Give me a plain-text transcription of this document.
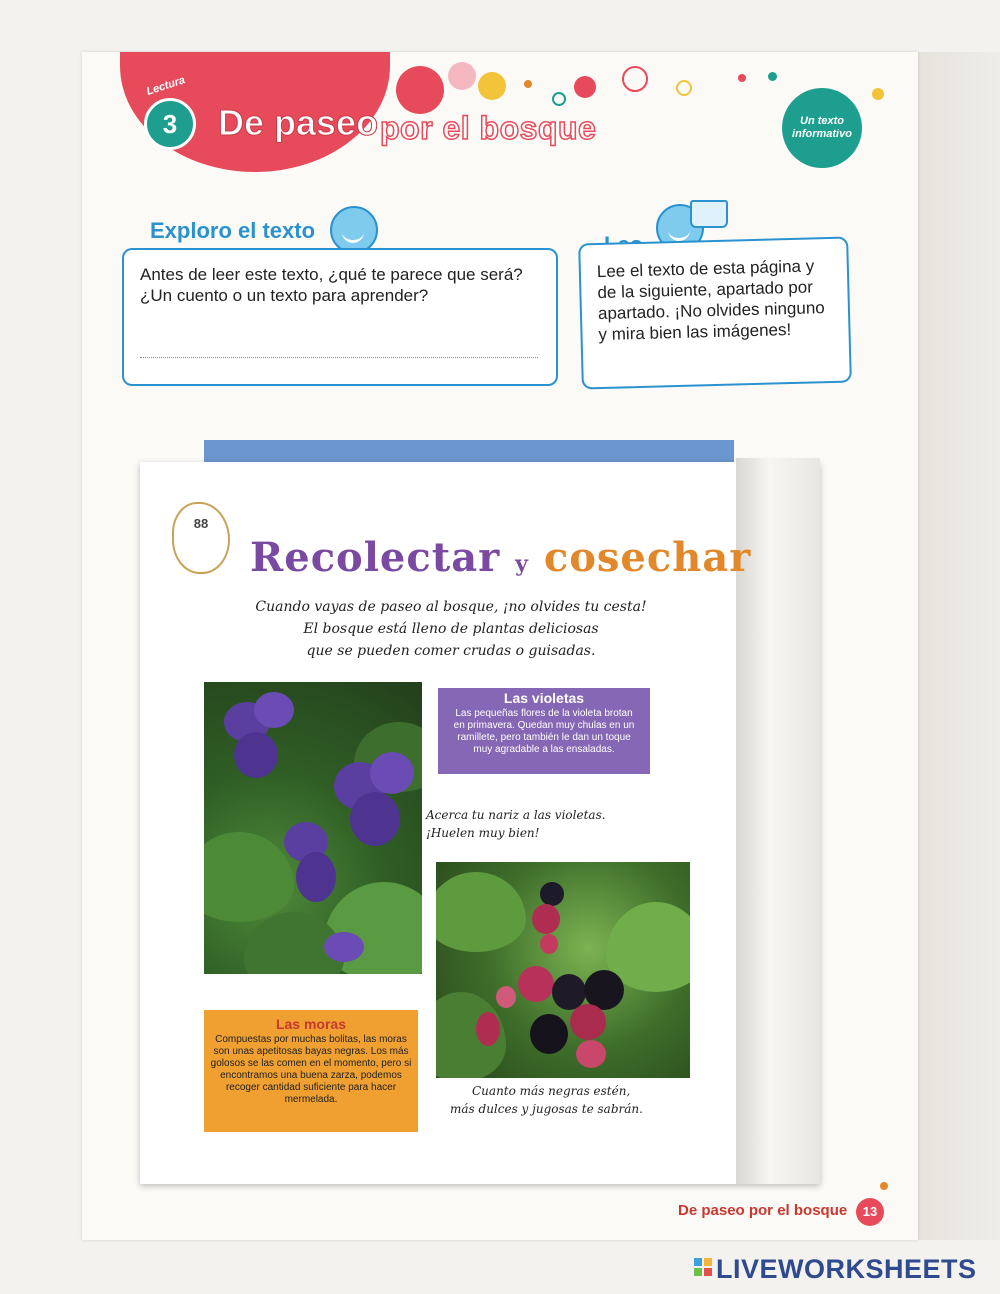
Lectura
3	De paseo por el bosque	Un texto informativo
Exploro el texto
Antes de leer este texto, ¿qué te parece que será? ¿Un cuento o un texto para aprender?
Lee el texto de esta página y de la siguiente, apartado por apartado. ¡No olvides ninguno y mira bien las imágenes!
88
Recolectar y cosechar
Cuando vayas de paseo al bosque, ¡no olvides tu cesta!
El bosque está lleno de plantas deliciosas
que se pueden comer crudas o guisadas.
Las violetas
Las pequeñas flores de la violeta brotan en primavera. Quedan muy chulas en un ramillete, pero también le dan un toque muy agradable a las ensaladas.
Acerca tu nariz a las violetas.
¡Huelen muy bien!
Las moras
Compuestas por muchas bolitas, las moras son unas apetitosas bayas negras. Los más golosos se las comen en el momento, pero si encontramos una buena zarza, podemos recoger cantidad suficiente para hacer mermelada.
Cuanto más negras estén,
más dulces y jugosas te sabrán.
De paseo por el bosque	13
LIVEWORKSHEETS
